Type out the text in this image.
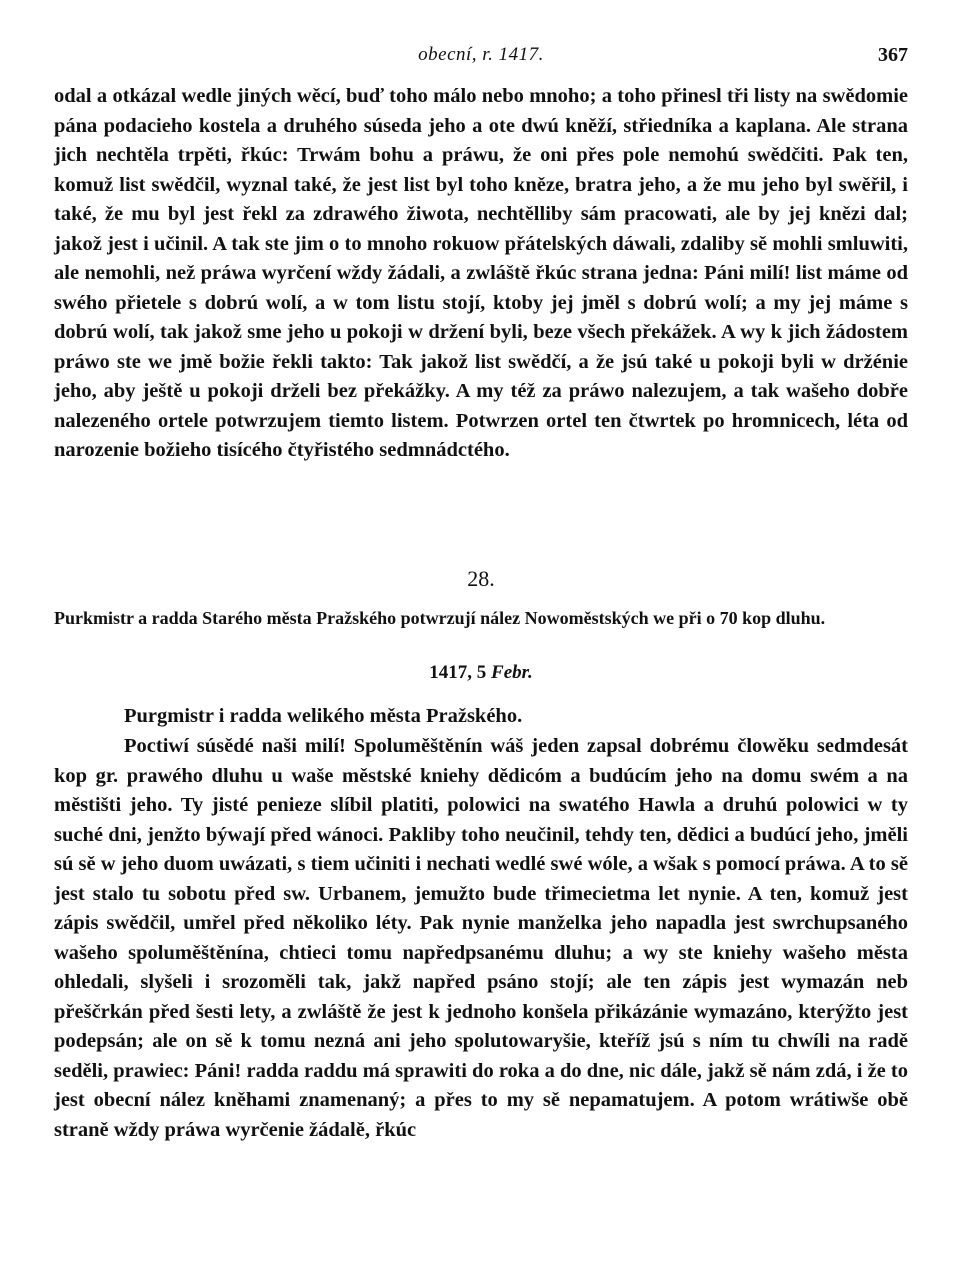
obecní, r. 1417.	367

odal a otkázal wedle jiných wěcí, buď toho málo nebo mnoho; a toho přinesl tři listy na swědomie pána podacieho kostela a druhého súseda jeho a ote dwú kněží, střiedníka a kaplana. Ale strana jich nechtěla trpěti, řkúc: Trwám bohu a práwu, že oni přes pole nemohú swědčiti. Pak ten, komuž list swědčil, wyznal také, že jest list byl toho kněze, bratra jeho, a že mu jeho byl swěřil, i také, že mu byl jest řekl za zdrawého žiwota, nechtělliby sám pracowati, ale by jej knězi dal; jakož jest i učinil. A tak ste jim o to mnoho rokuow přátelských dáwali, zdaliby sě mohli smluwiti, ale nemohli, než práwa wyrčení wždy žádali, a zwláště řkúc strana jedna: Páni milí! list máme od swého přietele s dobrú wolí, a w tom listu stojí, ktoby jej jměl s dobrú wolí; a my jej máme s dobrú wolí, tak jakož sme jeho u pokoji w držení byli, beze všech překážek. A wy k jich žádostem práwo ste we jmě božie řekli takto: Tak jakož list swědčí, a že jsú také u pokoji byli w držénie jeho, aby ještě u pokoji drželi bez překážky. A my též za práwo nalezujem, a tak wašeho dobře nalezeného ortele potwrzujem tiemto listem. Potwrzen ortel ten čtwrtek po hromnicech, léta od narozenie božieho tisícého čtyřistého sedmnádctého.

28.

Purkmistr a radda Starého města Pražského potwrzují nález Nowoměstských we při o 70 kop dluhu.

1417, 5 Febr.

Purgmistr i radda welikého města Pražského.

Poctiwí súsědé naši milí! Spoluměštěnín wáš jeden zapsal dobrému člowěku sedmdesát kop gr. prawého dluhu u waše městské kniehy dědicóm a budúcím jeho na domu swém a na městišti jeho. Ty jisté penieze slíbil platiti, polowici na swatého Hawla a druhú polowici w ty suché dni, jenžto býwají před wánoci. Pakliby toho neučinil, tehdy ten, dědici a budúcí jeho, jměli sú sě w jeho duom uwázati, s tiem učiniti i nechati wedlé swé wóle, a wšak s pomocí práwa. A to sě jest stalo tu sobotu před sw. Urbanem, jemužto bude třimecietma let nynie. A ten, komuž jest zápis swědčil, umřel před několiko léty. Pak nynie manželka jeho napadla jest swrchupsaného wašeho spoluměštěnína, chtieci tomu napředpsanému dluhu; a wy ste kniehy wašeho města ohledali, slyšeli i srozoměli tak, jakž napřed psáno stojí; ale ten zápis jest wymazán neb přeščrkán před šesti lety, a zwláště že jest k jednoho konšela přikázánie wymazáno, kterýžto jest podepsán; ale on sě k tomu nezná ani jeho spolutowaryšie, kteříž jsú s ním tu chwíli na radě seděli, prawiec: Páni! radda raddu má sprawiti do roka a do dne, nic dále, jakž sě nám zdá, i že to jest obecní nález kněhami znamenaný; a přes to my sě nepamatujem. A potom wrátiwše obě straně wždy práwa wyrčenie žádalě, řkúc
